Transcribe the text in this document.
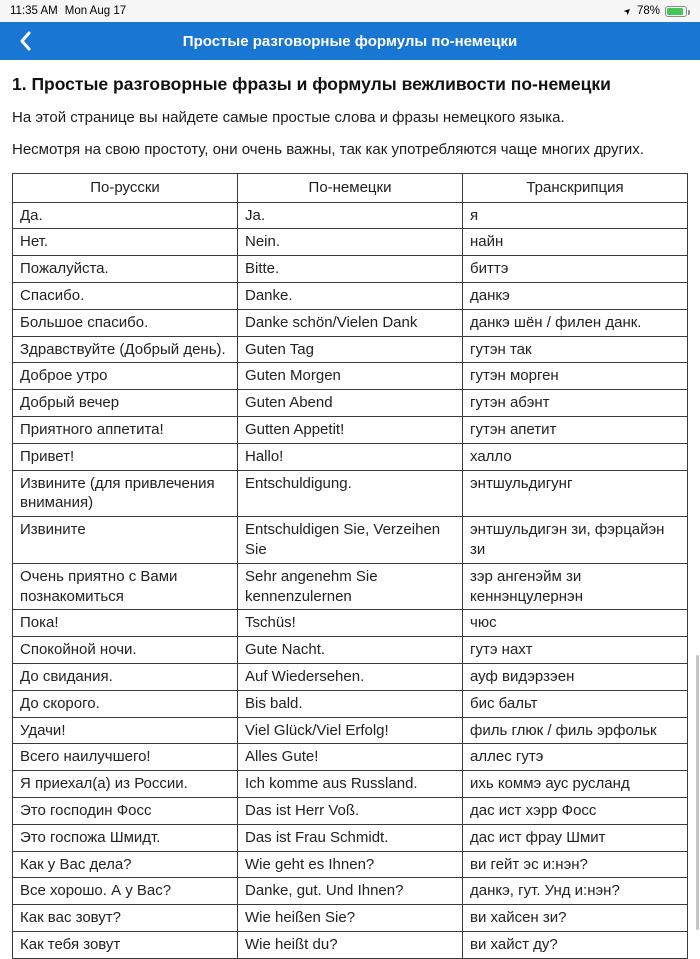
11:35 AM Mon Aug 17	➤ 78%
Простые разговорные формулы по-немецки
1. Простые разговорные фразы и формулы вежливости по-немецки

На этой странице вы найдете самые простые слова и фразы немецкого языка.

Несмотря на свою простоту, они очень важны, так как употребляются чаще многих других.

По-русски	По-немецки	Транскрипция
Да.	Ja.	я
Нет.	Nein.	найн
Пожалуйста.	Bitte.	биттэ
Спасибо.	Danke.	данкэ
Большое спасибо.	Danke schön/Vielen Dank	данкэ шён / филен данк.
Здравствуйте (Добрый день).	Guten Tag	гутэн так
Доброе утро	Guten Morgen	гутэн морген
Добрый вечер	Guten Abend	гутэн абэнт
Приятного аппетита!	Gutten Appetit!	гутэн апетит
Привет!	Hallo!	халло
Извините (для привлечения внимания)	Entschuldigung.	энтшульдигунг
Извините	Entschuldigen Sie, Verzeihen Sie	энтшульдигэн зи, фэрцайэн зи
Очень приятно с Вами познакомиться	Sehr angenehm Sie kennenzulernen	зэр ангенэйм зи кеннэнцулернэн
Пока!	Tschüs!	чюс
Спокойной ночи.	Gute Nacht.	гутэ нахт
До свидания.	Auf Wiedersehen.	ауф видэрзэен
До скорого.	Bis bald.	бис бальт
Удачи!	Viel Glück/Viel Erfolg!	филь глюк / филь эрфольк
Всего наилучшего!	Alles Gute!	аллес гутэ
Я приехал(а) из России.	Ich komme aus Russland.	ихь коммэ аус русланд
Это господин Фосс	Das ist Herr Voß.	дас ист хэрр Фосс
Это госпожа Шмидт.	Das ist Frau Schmidt.	дас ист фрау Шмит
Как у Вас дела?	Wie geht es Ihnen?	ви гейт эс и:нэн?
Все хорошо. А у Вас?	Danke, gut. Und Ihnen?	данкэ, гут. Унд и:нэн?
Как вас зовут?	Wie heißen Sie?	ви хайсен зи?
Как тебя зовут	Wie heißt du?	ви хайст ду?
